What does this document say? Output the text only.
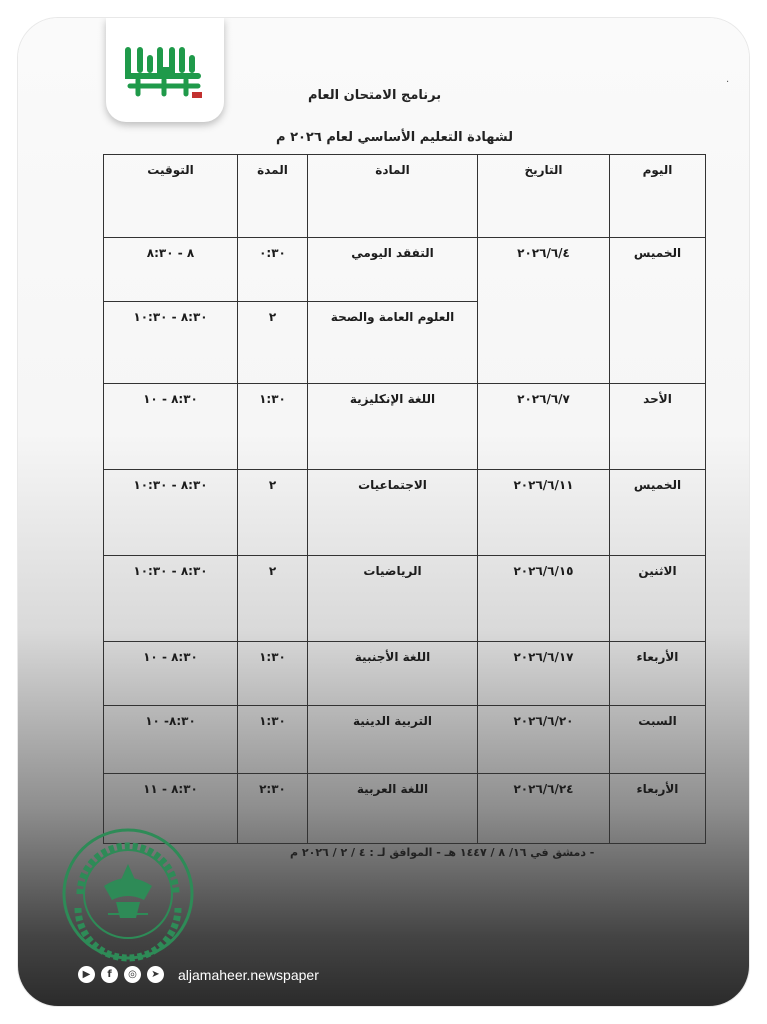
برنامج الامتحان العام
.
لشهادة التعليم الأساسي لعام ٢٠٢٦ م
اليوم	التاريخ	المادة	المدة	التوقيت
الخميس	٢٠٢٦/٦/٤	التفقد اليومي	٠:٣٠	٨ - ٨:٣٠
		العلوم العامة والصحة	٢	٨:٣٠ - ١٠:٣٠
الأحد	٢٠٢٦/٦/٧	اللغة الإنكليزية	١:٣٠	٨:٣٠ - ١٠
الخميس	٢٠٢٦/٦/١١	الاجتماعيات	٢	٨:٣٠ - ١٠:٣٠
الاثنين	٢٠٢٦/٦/١٥	الرياضيات	٢	٨:٣٠ - ١٠:٣٠
الأربعاء	٢٠٢٦/٦/١٧	اللغة الأجنبية	١:٣٠	٨:٣٠ - ١٠
السبت	٢٠٢٦/٦/٢٠	التربية الدينية	١:٣٠	٨:٣٠- ١٠
الأربعاء	٢٠٢٦/٦/٢٤	اللغة العربية	٢:٣٠	٨:٣٠ - ١١
- دمشق في ١٦/ ٨ / ١٤٤٧ هـ - الموافق لـ : ٤ / ٢ / ٢٠٢٦ م
▶	f	◎	➤	aljamaheer.newspaper
